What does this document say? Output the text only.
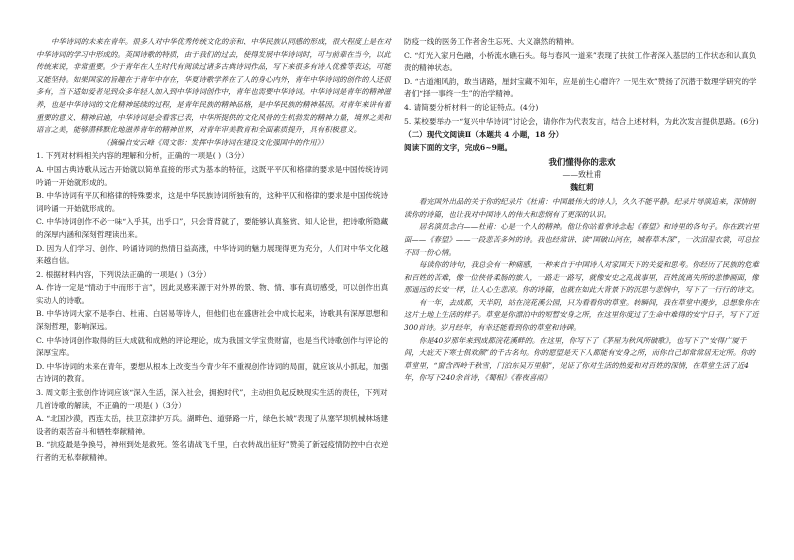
中华诗词的未来在青年。很多人对中华优秀传统文化的亲和、中华民族认同感的形成，很大程度上是在对中华诗词的学习中形成的。英国诗歌的特质，由于我们的过去，使得发展中华诗词时，可与前辈在当今，以此传统来说，非常重要。少于青年在人生时代有阅读过诸多古典诗词作品，写下来很多有诗人优雅等表达，可能又能坚持。如果国家的旨趣在于青年中存在，华夏诗歌学养在了人的身心内外，青年中华诗词的创作的人还很多有，当下适如爱者见到众多年轻人加入到中华诗词创作中，青年也需要中华诗词。中华诗词是青年的精神滋养，也是中华诗词的文化精神延续的过程，是青年民族的精神品格，是中华民族的精神基因。对青年来讲有着重要的意义、精神启迪，中华诗词是会看客已表，中华所提供的文化风骨的生机勃发的精神力量，境界之美和语言之美，能够潜移默化地滋养青年的精神世界，对青年审美教育和全面素质提升，具有积极意义。

（摘编自安云峰《周文彰：发挥中华诗词在建设文化强国中的作用》）

1. 下列对材料相关内容的理解和分析，正确的一项是( )（3分）

A. 中国古典诗歌从远古开始就以简单直接的形式为基本的特征，这既平平仄和格律的要求是中国传统诗词吟诵一开始就形成的。

B. 中华诗词有平仄和格律的特殊要求，这是中华民族诗词所独有的，这种平仄和格律的要求是中国传统诗词吟诵一开始就形成的。

C. 中华诗词创作不必一味“入乎其，出乎口”，只会背背就了，要能够认真鉴赏、知人论世，把诗歌所隐藏的深厚内涵和深刻哲理读出来。

D. 因为人们学习、创作、吟诵诗词的热情日益高涨，中华诗词的魅力展现得更为充分，人们对中华文化越来越自信。

2. 根据材料内容，下列说法正确的一项是( )（3分）

A. 作诗一定是“情动于中而形于言”，因此灵感来源于对外界的景、物、情、事有真切感受，可以创作出真实动人的诗歌。

B. 中华诗词大家不是李白、杜甫、白居易等诗人，但他们也在盛唐社会中成长起来，诗歌具有深厚思想和深刻哲理，影响深远。

C. 中华诗词创作取得的巨大成就和成熟的评论理论，成为我国文学宝贵财富，也是当代诗歌创作与评论的深厚宝库。

D. 中华诗词的未来在青年，要想从根本上改变当今青少年不重视创作诗词的局面，就应该从小抓起，加强古诗词的教育。

3. 周文彰主张创作诗词应该“深入生活，深入社会，拥抱时代”，主动担负起反映现实生活的责任，下列对几首诗歌的解读，不正确的一项是( )（3分）

A. “北国沙漠，西连太岳，扶卫京津护万兵。湖畔色、道驿路一片，绿色长城”表现了从塞罕坝机械林场建设者的艰苦奋斗和牺牲奉献精神。

B. “抗疫最是争换号，神州到处是救死。签名请战飞千里，白衣转战出征好”赞美了新冠疫情防控中白衣逆行者的无私奉献精神。

防疫一线的医务工作者舍生忘死、大义凛然的精神。

C. “灯光入家月色融，小桥流水礁石头。每与春风一道来”表现了扶贫工作者深入基层的工作状态和认真负责的精神状态。

D. “古道湘风韵，敢当诸路，厘封宝藏不知年，应是前生心磨许？一见生欢”赞扬了沉潜于数理学研究的学者们“择一事终一生”的治学精神。

4. 请简要分析材料一的论证特点。(4分)

5. 某校要举办一“复兴中华诗词”讨论会，请你作为代表发言，结合上述材料，为此次发言提供思路。(6分)

（二）现代文阅读Ⅱ（本题共 4 小题，18 分）

阅读下面的文字，完成6~9题。

我们懂得你的悲欢

——致杜甫

魏红莉

看完国外出品的关于你的纪录片《杜甫：中国最伟大的诗人》，久久不能平静。纪录片导演追来，深情朗读你的诗篇，也让我对中国诗人的伟大和悲悯有了更深的认识。

居名演员念白——杜甫：心是一个人的精神。他让你站着拿诗念起《春望》和诗里的各句子。你在跌宕里面——《春望》——一段悲苦多舛的诗。我也经常讲、读“国破山河在，城春草木深”，一次泪湿衣裳，可总拉不回一份心情。

每读你的诗句，我总会有一种痛感，一种来自于中国诗人对家国天下的关爱和思考。你经历了民族的危难和百姓的苦难，像一位侠骨柔肠的旅人，一路走一路写，就像安史之乱战事里，百姓流离失所的悲惨画面，像那遥远的长安一样，让人心生悲凉。你的诗篇，也就在如此大背景下的沉思与悲悯中，写下了一行行的诗文。

有一年，去成都，天半阴，站在浣花溪公园，只为看看你的草堂。转瞬间，我在草堂中漫步，总想象你在这片土地上生活的样子。草堂是你漂泊中的短暂安身之所，在这里你度过了生命中难得的安宁日子，写下了近300首诗。岁月经年，有幸还能看到你的草堂和诗碑。

你是40岁那年来到成都浣花溪畔的。在这里，你写下了《茅屋为秋风所破歌》，也写下了“安得广厦千间，大庇天下寒士俱欢颜”的千古名句。你的愿望是天下人都能有安身之所，而你自己却常常居无定所。你的草堂里，“窗含西岭千秋雪，门泊东吴万里船”，见证了你对生活的热爱和对百姓的深情，在草堂生活了近4年，你写下240余首诗，《蜀相》《春夜喜雨》
